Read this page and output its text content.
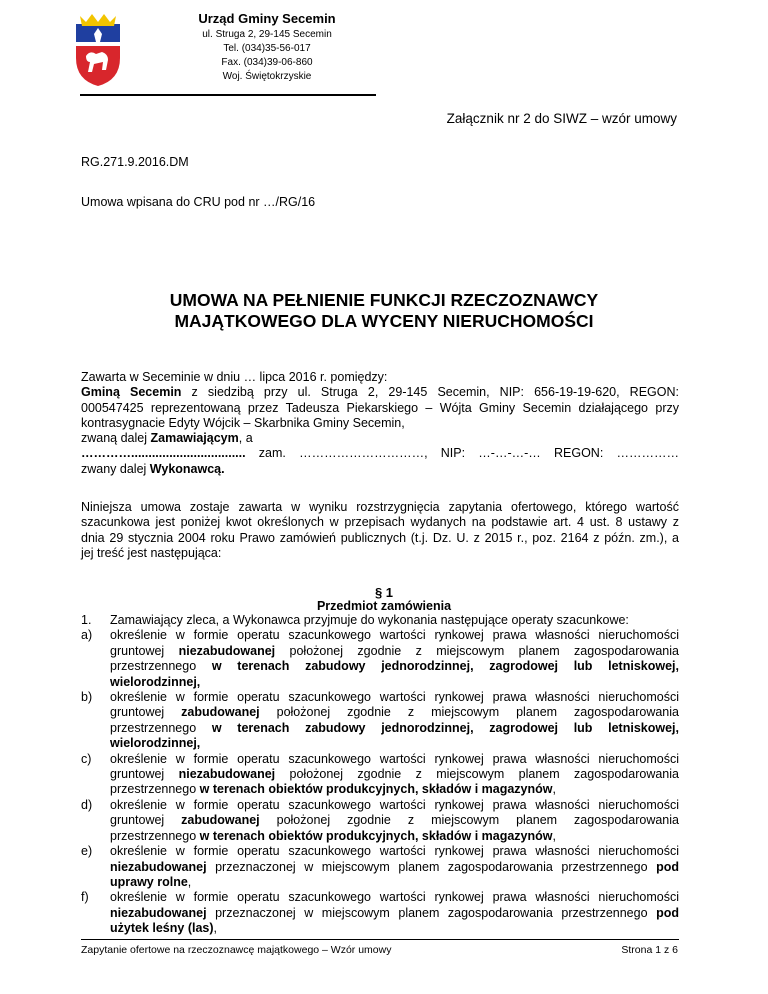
Urząd Gminy Secemin
ul. Struga 2, 29-145 Secemin
Tel. (034)35-56-017
Fax. (034)39-06-860
Woj. Świętokrzyskie
Załącznik nr 2 do SIWZ – wzór umowy
RG.271.9.2016.DM
Umowa wpisana do CRU pod nr …/RG/16
UMOWA NA PEŁNIENIE FUNKCJI RZECZOZNAWCY
MAJĄTKOWEGO DLA WYCENY NIERUCHOMOŚCI
Zawarta w Seceminie w dniu … lipca 2016 r. pomiędzy:
Gminą Secemin z siedzibą przy ul. Struga 2, 29-145 Secemin, NIP: 656-19-19-620, REGON:
000547425 reprezentowaną przez Tadeusza Piekarskiego – Wójta Gminy Secemin działającego przy
kontrasygnacie Edyty Wójcik – Skarbnika Gminy Secemin,
zwaną dalej Zamawiającym, a
…………................................. zam. …………………………, NIP: …-…-…-… REGON: ……………
zwany dalej Wykonawcą.
Niniejsza umowa zostaje zawarta w wyniku rozstrzygnięcia zapytania ofertowego, którego wartość
szacunkowa jest poniżej kwot określonych w przepisach wydanych na podstawie art. 4 ust. 8 ustawy z
dnia 29 stycznia 2004 roku Prawo zamówień publicznych (t.j. Dz. U. z 2015 r., poz. 2164 z późn. zm.), a
jej treść jest następująca:
§ 1
Przedmiot zamówienia
1. Zamawiający zleca, a Wykonawca przyjmuje do wykonania następujące operaty szacunkowe:
a) określenie w formie operatu szacunkowego wartości rynkowej prawa własności nieruchomości
gruntowej niezabudowanej położonej zgodnie z miejscowym planem zagospodarowania
przestrzennego w terenach zabudowy jednorodzinnej, zagrodowej lub letniskowej,
wielorodzinnej,
b) określenie w formie operatu szacunkowego wartości rynkowej prawa własności nieruchomości
gruntowej zabudowanej położonej zgodnie z miejscowym planem zagospodarowania
przestrzennego w terenach zabudowy jednorodzinnej, zagrodowej lub letniskowej,
wielorodzinnej,
c) określenie w formie operatu szacunkowego wartości rynkowej prawa własności nieruchomości
gruntowej niezabudowanej położonej zgodnie z miejscowym planem zagospodarowania
przestrzennego w terenach obiektów produkcyjnych, składów i magazynów,
d) określenie w formie operatu szacunkowego wartości rynkowej prawa własności nieruchomości
gruntowej zabudowanej położonej zgodnie z miejscowym planem zagospodarowania
przestrzennego w terenach obiektów produkcyjnych, składów i magazynów,
e) określenie w formie operatu szacunkowego wartości rynkowej prawa własności nieruchomości
niezabudowanej przeznaczonej w miejscowym planem zagospodarowania przestrzennego pod
uprawy rolne,
f) określenie w formie operatu szacunkowego wartości rynkowej prawa własności nieruchomości
niezabudowanej przeznaczonej w miejscowym planem zagospodarowania przestrzennego pod
użytek leśny (las),
Zapytanie ofertowe na rzeczoznawcę majątkowego – Wzór umowy	Strona 1 z 6
